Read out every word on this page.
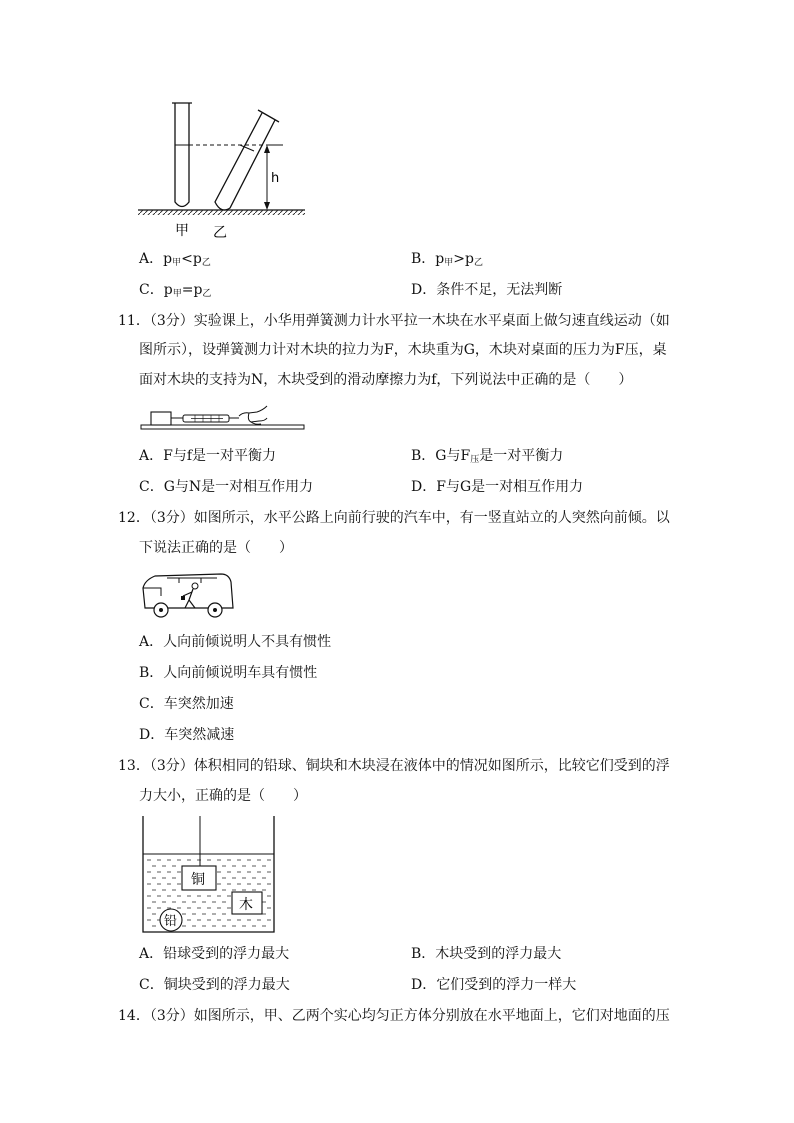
h
甲 乙
A．$p_甲<p_乙$	B．$p_甲>p_乙$
C．$p_甲=p_乙$	D．条件不足，无法判断
11．（3分）实验课上，小华用弹簧测力计水平拉一木块在水平桌面上做匀速直线运动（如
图所示），设弹簧测力计对木块的拉力为F，木块重为G，木块对桌面的压力为F压，桌
面对木块的支持为N，木块受到的滑动摩擦力为f，下列说法中正确的是（　　）
A．F与f是一对平衡力	B．G与$F_压$是一对平衡力
C．G与N是一对相互作用力	D．F与G是一对相互作用力
12．（3分）如图所示，水平公路上向前行驶的汽车中，有一竖直站立的人突然向前倾。以
下说法正确的是（　　）
A．人向前倾说明人不具有惯性
B．人向前倾说明车具有惯性
C．车突然加速
D．车突然减速
13．（3分）体积相同的铅球、铜块和木块浸在液体中的情况如图所示，比较它们受到的浮
力大小，正确的是（　　）
铜
木
铅
A．铅球受到的浮力最大	B．木块受到的浮力最大
C．铜块受到的浮力最大	D．它们受到的浮力一样大
14．（3分）如图所示，甲、乙两个实心均匀正方体分别放在水平地面上，它们对地面的压
